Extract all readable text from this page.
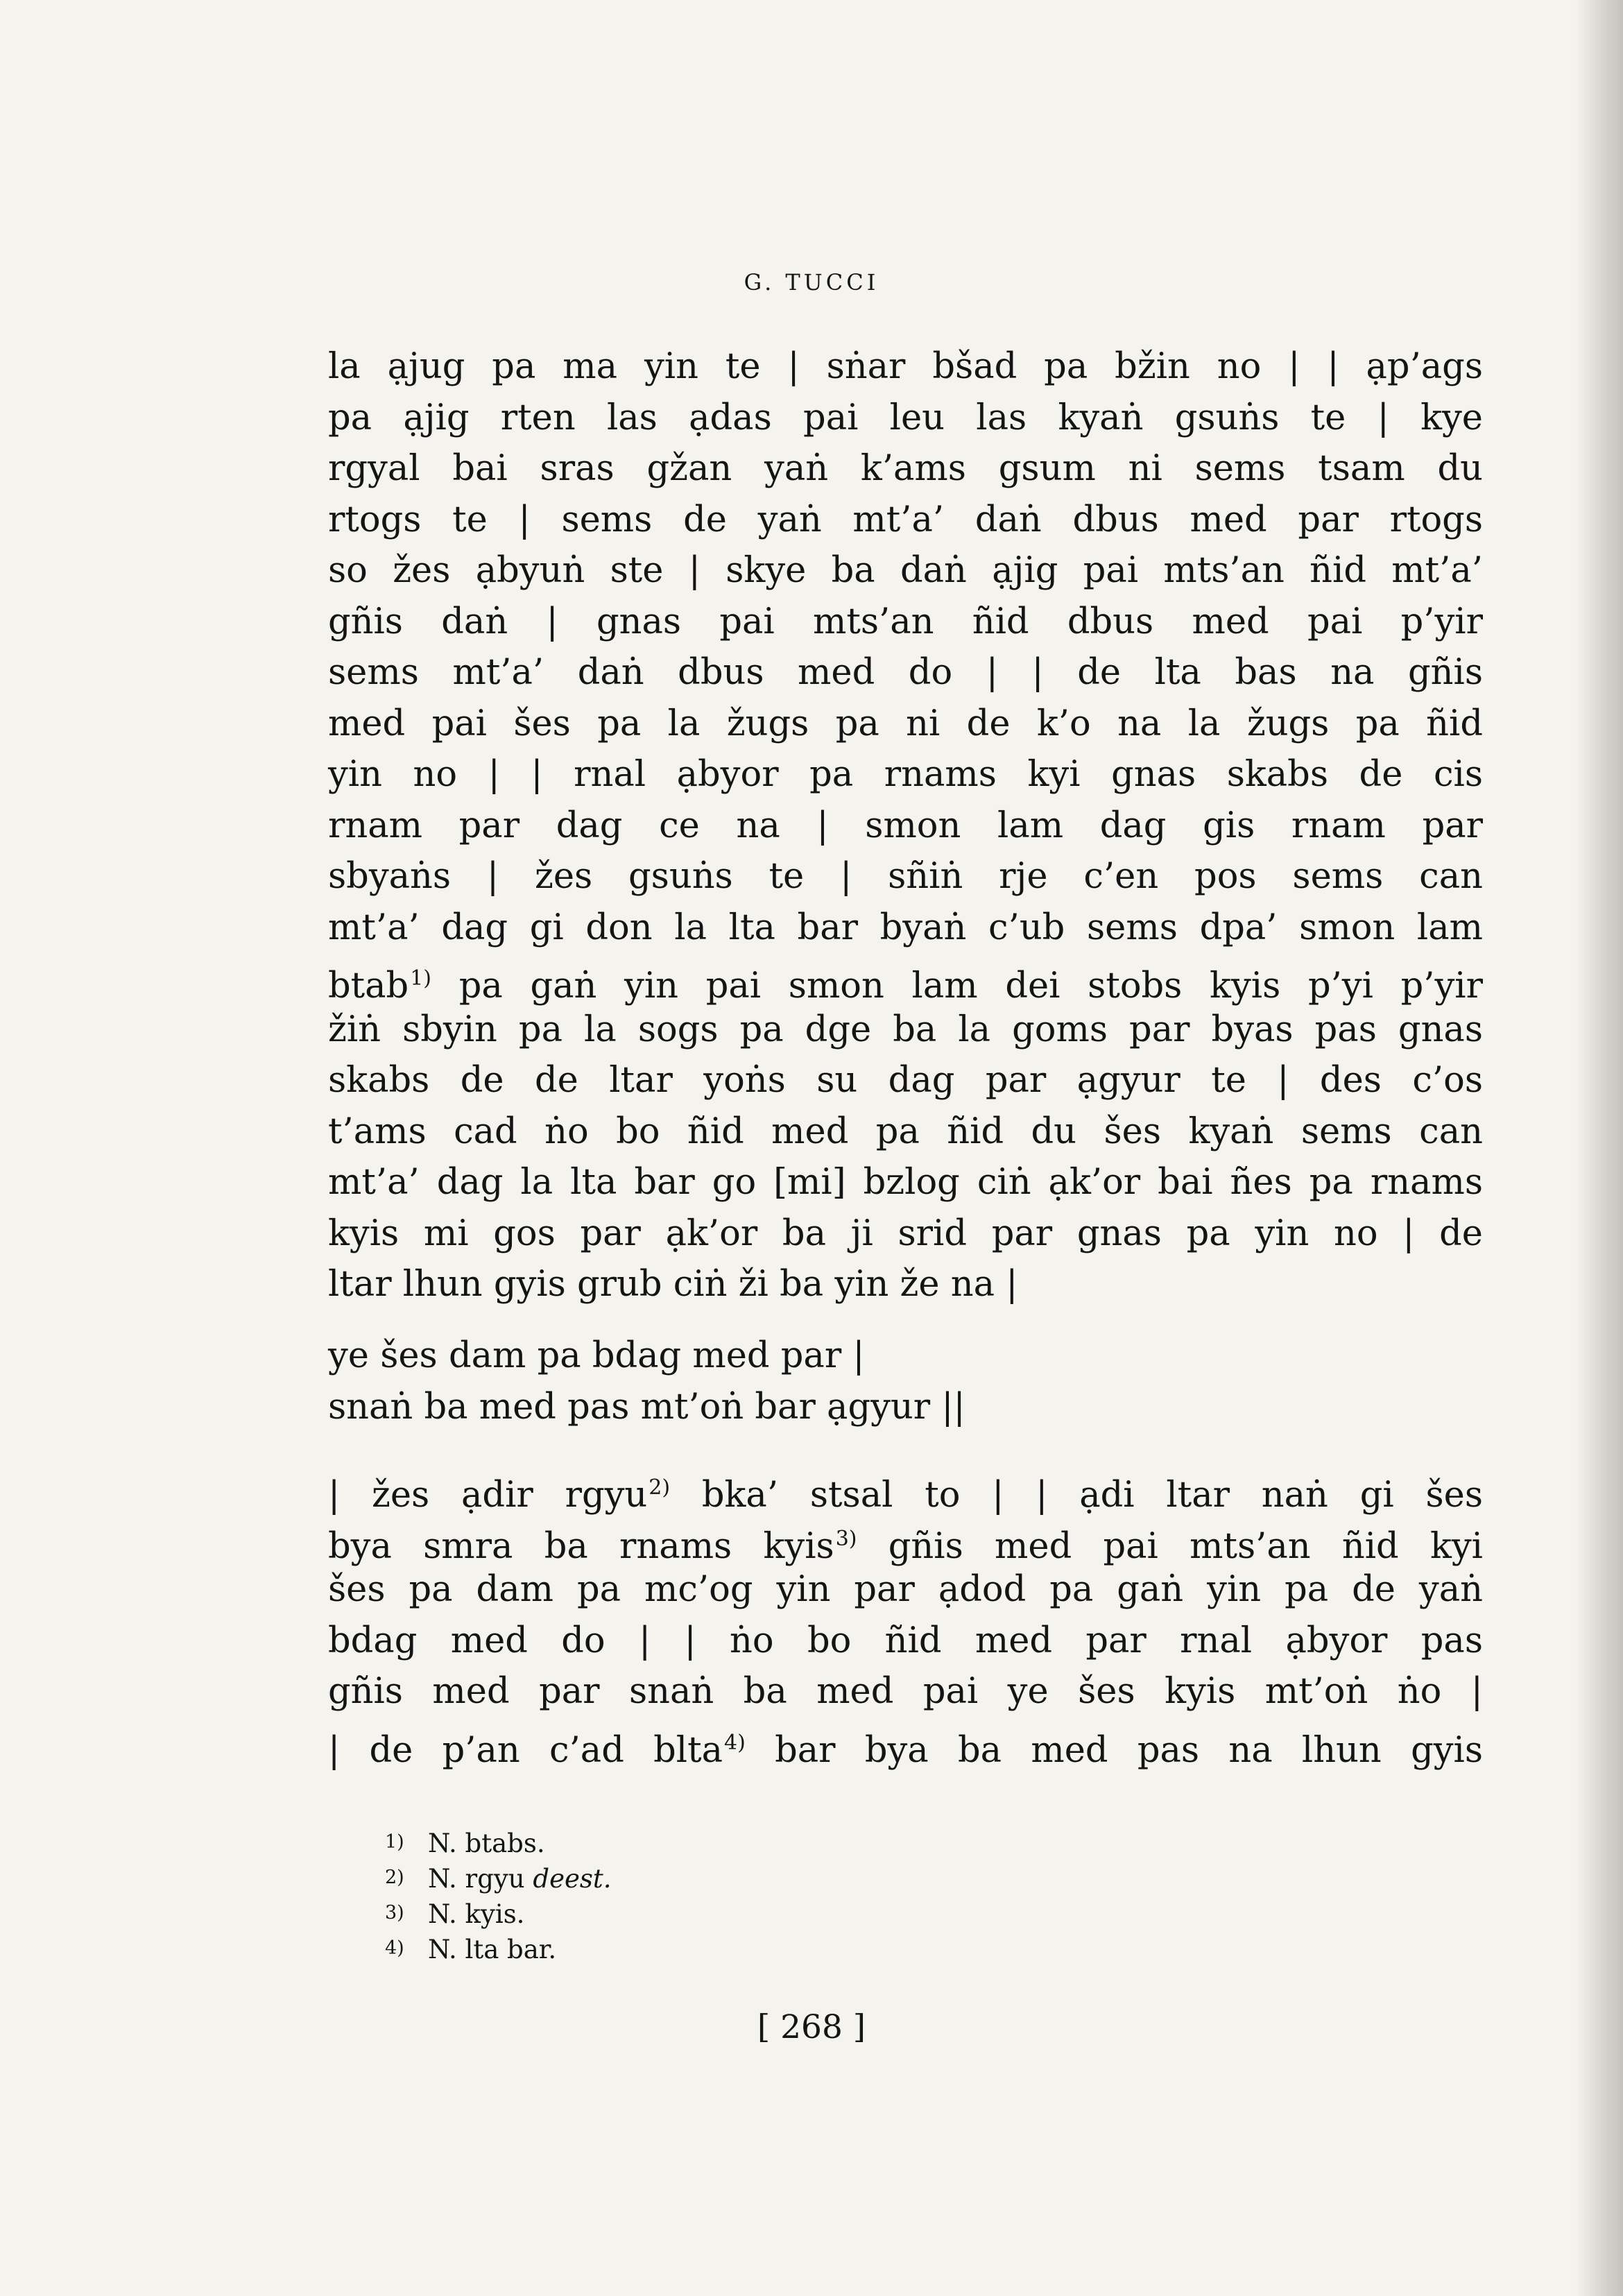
G. TUCCI
la ạjug pa ma yin te | sṅar bšad pa bžin no | | ạp’ags
pa ạjig rten las ạdas pai leu las kyaṅ gsuṅs te | kye
rgyal bai sras gžan yaṅ k’ams gsum ni sems tsam du
rtogs te | sems de yaṅ mt’a’ daṅ dbus med par rtogs
so žes ạbyuṅ ste | skye ba daṅ ạjig pai mts’an ñid mt’a’
gñis daṅ | gnas pai mts’an ñid dbus med pai p’yir
sems mt’a’ daṅ dbus med do | | de lta bas na gñis
med pai šes pa la žugs pa ni de k’o na la žugs pa ñid
yin no | | rnal ạbyor pa rnams kyi gnas skabs de cis
rnam par dag ce na | smon lam dag gis rnam par
sbyaṅs | žes gsuṅs te | sñiṅ rje c’en pos sems can
mt’a’ dag gi don la lta bar byaṅ c’ub sems dpa’ smon lam
btab$^{1)}$ pa gaṅ yin pai smon lam dei stobs kyis p’yi p’yir
žiṅ sbyin pa la sogs pa dge ba la goms par byas pas gnas
skabs de de ltar yoṅs su dag par ạgyur te | des c’os
t’ams cad ṅo bo ñid med pa ñid du šes kyaṅ sems can
mt’a’ dag la lta bar go [mi] bzlog ciṅ ạk’or bai ñes pa rnams
kyis mi gos par ạk’or ba ji srid par gnas pa yin no | de
ltar lhun gyis grub ciṅ ži ba yin že na |
ye šes dam pa bdag med par |
snaṅ ba med pas mt’oṅ bar ạgyur ||
| žes ạdir rgyu$^{2)}$ bka’ stsal to | | ạdi ltar naṅ gi šes
bya smra ba rnams kyis$^{3)}$ gñis med pai mts’an ñid kyi
šes pa dam pa mc’og yin par ạdod pa gaṅ yin pa de yaṅ
bdag med do | | ṅo bo ñid med par rnal ạbyor pas
gñis med par snaṅ ba med pai ye šes kyis mt’oṅ ṅo |
| de p’an c’ad blta$^{4)}$ bar bya ba med pas na lhun gyis
1) N. btabs.
2) N. rgyu deest.
3) N. kyis.
4) N. lta bar.
[ 268 ]
